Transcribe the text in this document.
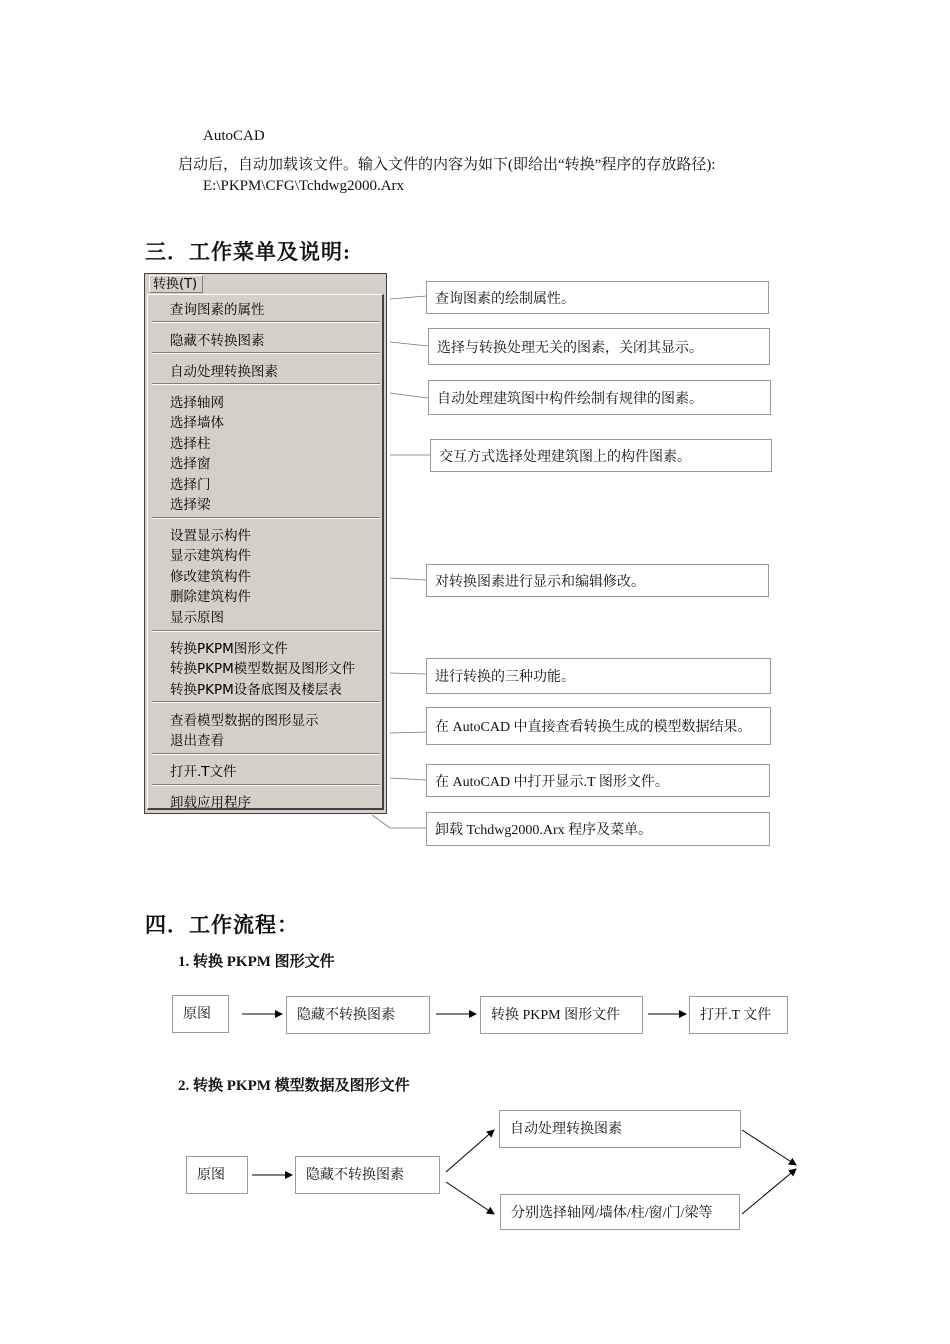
AutoCAD
启动后，自动加载该文件。输入文件的内容为如下(即给出“转换”程序的存放路径):
E:\PKPM\CFG\Tchdwg2000.Arx
三．工作菜单及说明:
转换(T)
查询图素的属性
隐藏不转换图素
自动处理转换图素
选择轴网
选择墙体
选择柱
选择窗
选择门
选择梁
设置显示构件
显示建筑构件
修改建筑构件
删除建筑构件
显示原图
转换PKPM图形文件
转换PKPM模型数据及图形文件
转换PKPM设备底图及楼层表
查看模型数据的图形显示
退出查看
打开.T文件
卸载应用程序
查询图素的绘制属性。
选择与转换处理无关的图素，关闭其显示。
自动处理建筑图中构件绘制有规律的图素。
交互方式选择处理建筑图上的构件图素。
对转换图素进行显示和编辑修改。
进行转换的三种功能。
在 AutoCAD 中直接查看转换生成的模型数据结果。
在 AutoCAD 中打开显示.T 图形文件。
卸载 Tchdwg2000.Arx 程序及菜单。
四．工作流程：
1. 转换 PKPM 图形文件
原图	隐藏不转换图素	转换 PKPM 图形文件	打开.T 文件
2. 转换 PKPM 模型数据及图形文件
原图	隐藏不转换图素
自动处理转换图素
分别选择轴网/墙体/柱/窗/门/梁等
